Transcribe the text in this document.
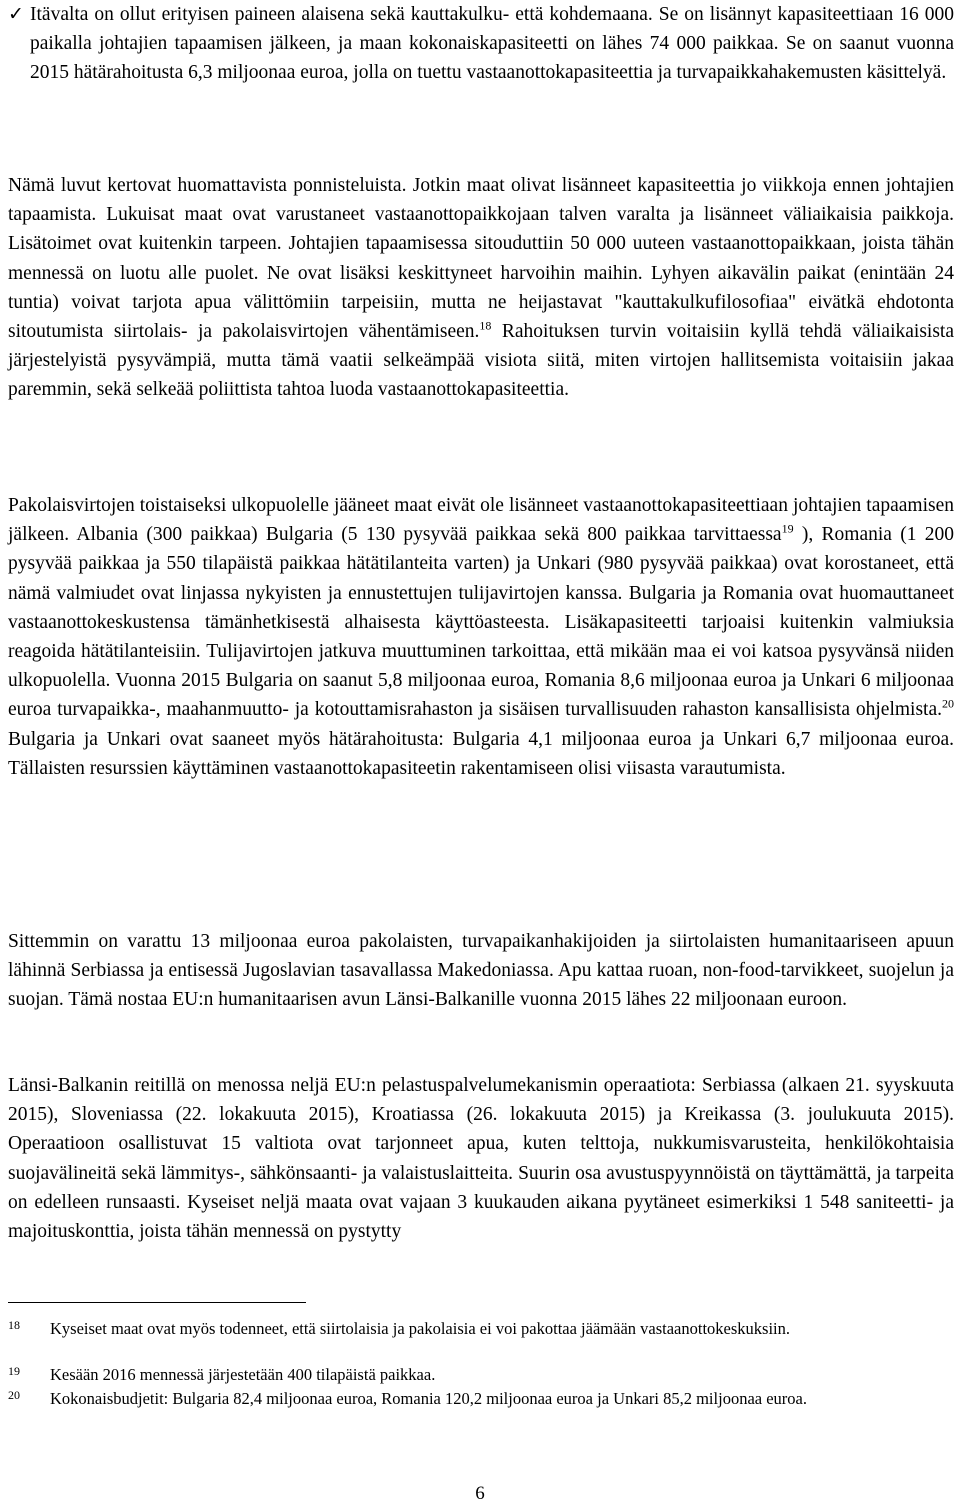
✓ Itävalta on ollut erityisen paineen alaisena sekä kauttakulku- että kohdemaana. Se on lisännyt kapasiteettiaan 16 000 paikalla johtajien tapaamisen jälkeen, ja maan kokonaiskapasiteetti on lähes 74 000 paikkaa. Se on saanut vuonna 2015 hätärahoitusta 6,3 miljoonaa euroa, jolla on tuettu vastaanottokapasiteettia ja turvapaikkahakemusten käsittelyä.

Nämä luvut kertovat huomattavista ponnisteluista. Jotkin maat olivat lisänneet kapasiteettia jo viikkoja ennen johtajien tapaamista. Lukuisat maat ovat varustaneet vastaanottopaikkojaan talven varalta ja lisänneet väliaikaisia paikkoja. Lisätoimet ovat kuitenkin tarpeen. Johtajien tapaamisessa sitouduttiin 50 000 uuteen vastaanottopaikkaan, joista tähän mennessä on luotu alle puolet. Ne ovat lisäksi keskittyneet harvoihin maihin. Lyhyen aikavälin paikat (enintään 24 tuntia) voivat tarjota apua välittömiin tarpeisiin, mutta ne heijastavat "kauttakulkufilosofiaa" eivätkä ehdotonta sitoutumista siirtolais- ja pakolaisvirtojen vähentämiseen.$^{18}$ Rahoituksen turvin voitaisiin kyllä tehdä väliaikaisista järjestelyistä pysyvämpiä, mutta tämä vaatii selkeämpää visiota siitä, miten virtojen hallitsemista voitaisiin jakaa paremmin, sekä selkeää poliittista tahtoa luoda vastaanottokapasiteettia.

Pakolaisvirtojen toistaiseksi ulkopuolelle jääneet maat eivät ole lisänneet vastaanottokapasiteettiaan johtajien tapaamisen jälkeen. Albania (300 paikkaa) Bulgaria (5 130 pysyvää paikkaa sekä 800 paikkaa tarvittaessa$^{19}$ ), Romania (1 200 pysyvää paikkaa ja 550 tilapäistä paikkaa hätätilanteita varten) ja Unkari (980 pysyvää paikkaa) ovat korostaneet, että nämä valmiudet ovat linjassa nykyisten ja ennustettujen tulijavirtojen kanssa. Bulgaria ja Romania ovat huomauttaneet vastaanottokeskustensa tämänhetkisestä alhaisesta käyttöasteesta. Lisäkapasiteetti tarjoaisi kuitenkin valmiuksia reagoida hätätilanteisiin. Tulijavirtojen jatkuva muuttuminen tarkoittaa, että mikään maa ei voi katsoa pysyvänsä niiden ulkopuolella. Vuonna 2015 Bulgaria on saanut 5,8 miljoonaa euroa, Romania 8,6 miljoonaa euroa ja Unkari 6 miljoonaa euroa turvapaikka-, maahanmuutto- ja kotouttamisrahaston ja sisäisen turvallisuuden rahaston kansallisista ohjelmista.$^{20}$ Bulgaria ja Unkari ovat saaneet myös hätärahoitusta: Bulgaria 4,1 miljoonaa euroa ja Unkari 6,7 miljoonaa euroa. Tällaisten resurssien käyttäminen vastaanottokapasiteetin rakentamiseen olisi viisasta varautumista.

Sittemmin on varattu 13 miljoonaa euroa pakolaisten, turvapaikanhakijoiden ja siirtolaisten humanitaariseen apuun lähinnä Serbiassa ja entisessä Jugoslavian tasavallassa Makedoniassa. Apu kattaa ruoan, non-food-tarvikkeet, suojelun ja suojan. Tämä nostaa EU:n humanitaarisen avun Länsi-Balkanille vuonna 2015 lähes 22 miljoonaan euroon.

Länsi-Balkanin reitillä on menossa neljä EU:n pelastuspalvelumekanismin operaatiota: Serbiassa (alkaen 21. syyskuuta 2015), Sloveniassa (22. lokakuuta 2015), Kroatiassa (26. lokakuuta 2015) ja Kreikassa (3. joulukuuta 2015). Operaatioon osallistuvat 15 valtiota ovat tarjonneet apua, kuten telttoja, nukkumisvarusteita, henkilökohtaisia suojavälineitä sekä lämmitys-, sähkönsaanti- ja valaistuslaitteita. Suurin osa avustuspyynnöistä on täyttämättä, ja tarpeita on edelleen runsaasti. Kyseiset neljä maata ovat vajaan 3 kuukauden aikana pyytäneet esimerkiksi 1 548 saniteetti- ja majoituskonttia, joista tähän mennessä on pystytty

18	Kyseiset maat ovat myös todenneet, että siirtolaisia ja pakolaisia ei voi pakottaa jäämään vastaanottokeskuksiin.
19	Kesään 2016 mennessä järjestetään 400 tilapäistä paikkaa.
20	Kokonaisbudjetit: Bulgaria 82,4 miljoonaa euroa, Romania 120,2 miljoonaa euroa ja Unkari 85,2 miljoonaa euroa.
6
